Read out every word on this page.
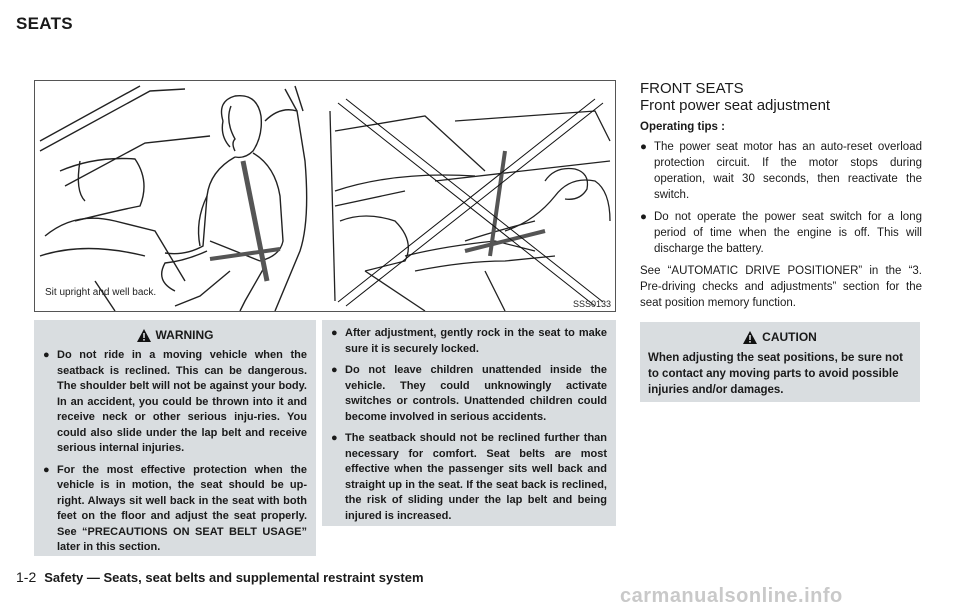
SEATS
Sit upright and well back.
SSS0133
WARNING
● Do not ride in a moving vehicle when the seatback is reclined. This can be dangerous. The shoulder belt will not be against your body. In an accident, you could be thrown into it and receive neck or other serious inju-ries. You could also slide under the lap belt and receive serious internal injuries.
● For the most effective protection when the vehicle is in motion, the seat should be up-right. Always sit well back in the seat with both feet on the floor and adjust the seat properly. See “PRECAUTIONS ON SEAT BELT USAGE” later in this section.
● After adjustment, gently rock in the seat to make sure it is securely locked.
● Do not leave children unattended inside the vehicle. They could unknowingly activate switches or controls. Unattended children could become involved in serious accidents.
● The seatback should not be reclined further than necessary for comfort. Seat belts are most effective when the passenger sits well back and straight up in the seat. If the seat back is reclined, the risk of sliding under the lap belt and being injured is increased.
FRONT SEATS
Front power seat adjustment
Operating tips :
● The power seat motor has an auto-reset overload protection circuit. If the motor stops during operation, wait 30 seconds, then reactivate the switch.
● Do not operate the power seat switch for a long period of time when the engine is off. This will discharge the battery.
See “AUTOMATIC DRIVE POSITIONER” in the “3. Pre-driving checks and adjustments” section for the seat position memory function.
CAUTION
When adjusting the seat positions, be sure not to contact any moving parts to avoid possible injuries and/or damages.
1-2 Safety — Seats, seat belts and supplemental restraint system
carmanualsonline.info
